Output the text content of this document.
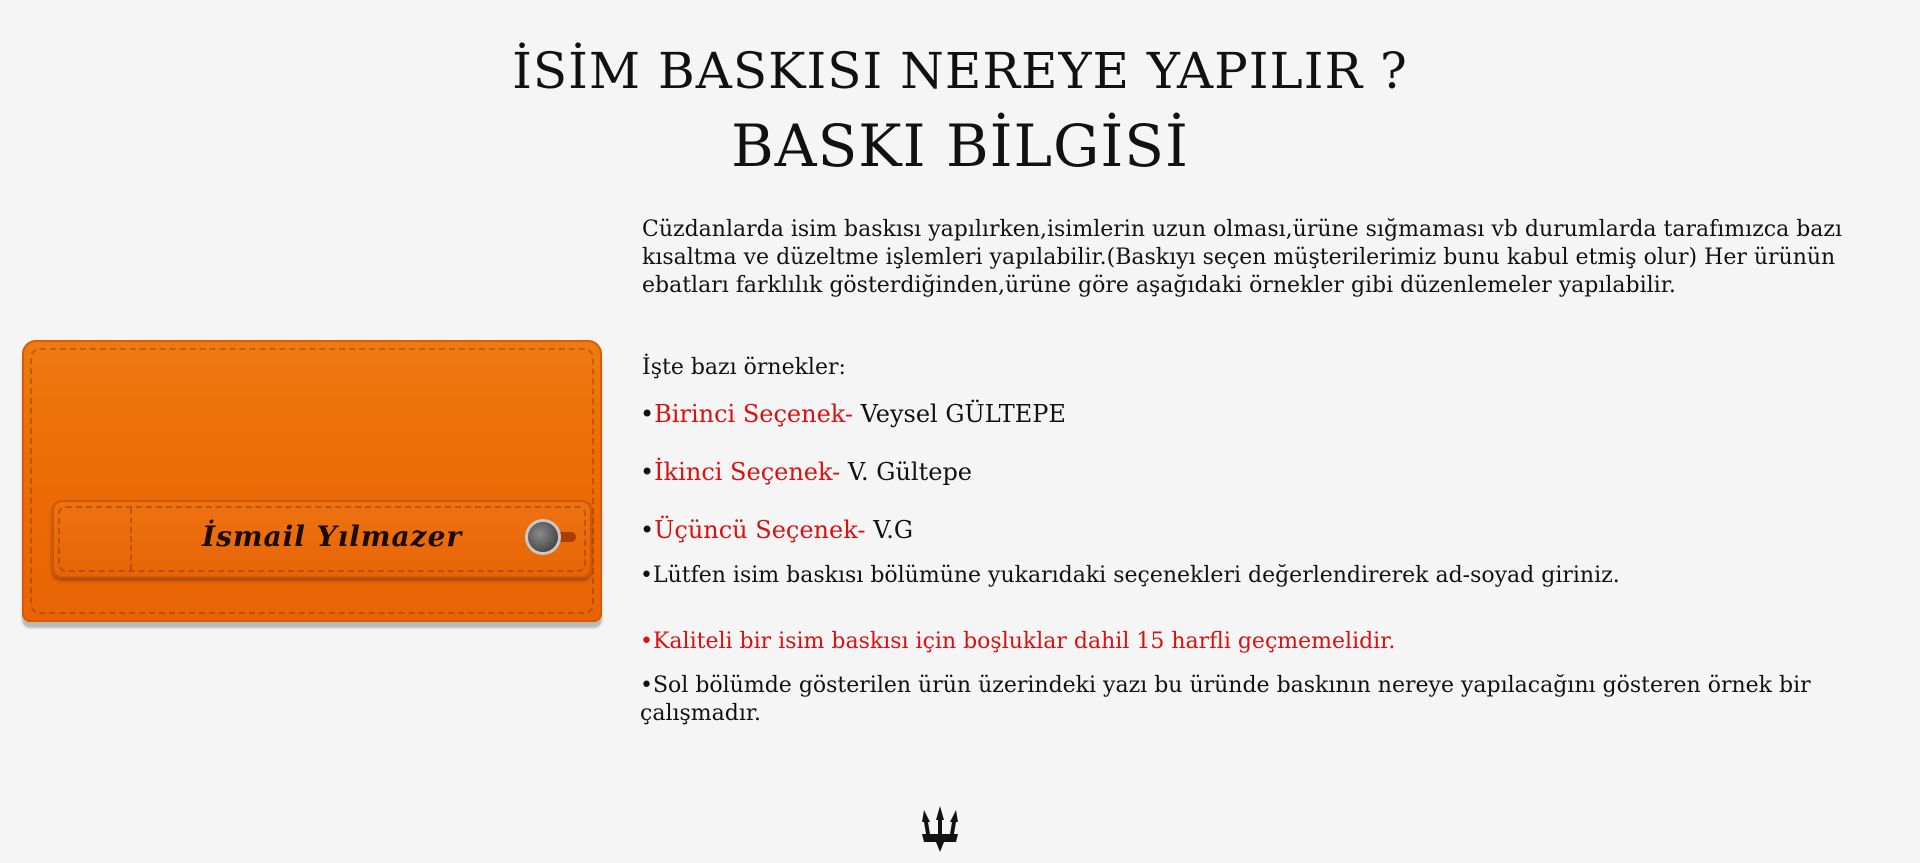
İSİM BASKISI NEREYE YAPILIR ?
BASKI BİLGİSİ
İsmail Yılmazer

Cüzdanlarda isim baskısı yapılırken,isimlerin uzun olması,ürüne sığmaması vb durumlarda tarafımızca bazı kısaltma ve düzeltme işlemleri yapılabilir.(Baskıyı seçen müşterilerimiz bunu kabul etmiş olur) Her ürünün ebatları farklılık gösterdiğinden,ürüne göre aşağıdaki örnekler gibi düzenlemeler yapılabilir.

İşte bazı örnekler:

•Birinci Seçenek- Veysel GÜLTEPE

•İkinci Seçenek- V. Gültepe

•Üçüncü Seçenek- V.G

•Lütfen isim baskısı bölümüne yukarıdaki seçenekleri değerlendirerek ad-soyad giriniz.

•Kaliteli bir isim baskısı için boşluklar dahil 15 harfli geçmemelidir.

•Sol bölümde gösterilen ürün üzerindeki yazı bu üründe baskının nereye yapılacağını gösteren örnek bir çalışmadır.
